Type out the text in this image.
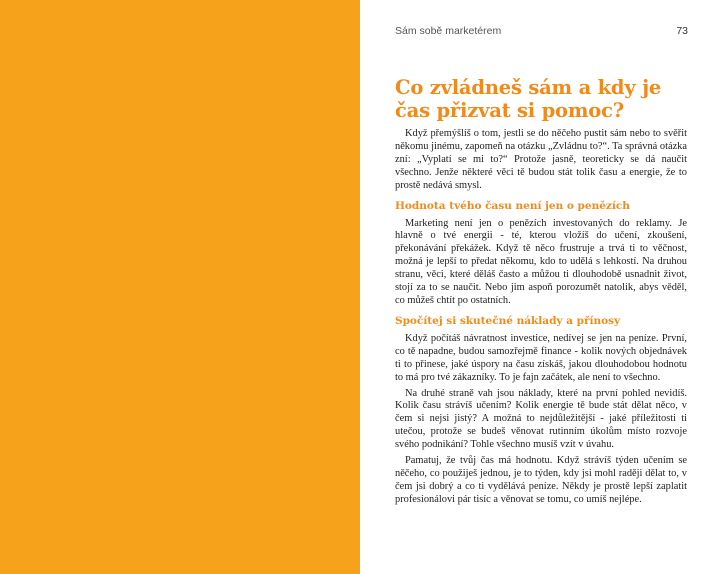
Sám sobě marketérem	73
Co zvládneš sám a kdy je čas přizvat si pomoc?

Když přemýšlíš o tom, jestli se do něčeho pustit sám nebo to svěřit někomu jinému, zapomeň na otázku „Zvládnu to?“. Ta správná otázka zní: „Vyplatí se mi to?“ Protože jasně, teoreticky se dá naučit všechno. Jenže některé věci tě budou stát tolik času a energie, že to prostě nedává smysl.

Hodnota tvého času není jen o penězích

Marketing není jen o penězích investovaných do reklamy. Je hlavně o tvé energii - té, kterou vložíš do učení, zkoušení, překonávání překážek. Když tě něco frustruje a trvá ti to věčnost, možná je lepší to předat někomu, kdo to udělá s lehkostí. Na druhou stranu, věci, které děláš často a můžou ti dlouhodobě usnadnit život, stojí za to se naučit. Nebo jim aspoň porozumět natolik, abys věděl, co můžeš chtít po ostatních.

Spočítej si skutečné náklady a přínosy

Když počítáš návratnost investice, nedívej se jen na peníze. První, co tě napadne, budou samozřejmě finance - kolik nových objednávek ti to přinese, jaké úspory na času získáš, jakou dlouhodobou hodnotu to má pro tvé zákazníky. To je fajn začátek, ale není to všechno.

Na druhé straně vah jsou náklady, které na první pohled nevidíš. Kolik času strávíš učením? Kolik energie tě bude stát dělat něco, v čem si nejsi jistý? A možná to nejdůležitější - jaké příležitosti ti utečou, protože se budeš věnovat rutinním úkolům místo rozvoje svého podnikání? Tohle všechno musíš vzít v úvahu.

Pamatuj, že tvůj čas má hodnotu. Když strávíš týden učením se něčeho, co použiješ jednou, je to týden, kdy jsi mohl raději dělat to, v čem jsi dobrý a co ti vydělává peníze. Někdy je prostě lepší zaplatit profesionálovi pár tisíc a věnovat se tomu, co umíš nejlépe.
